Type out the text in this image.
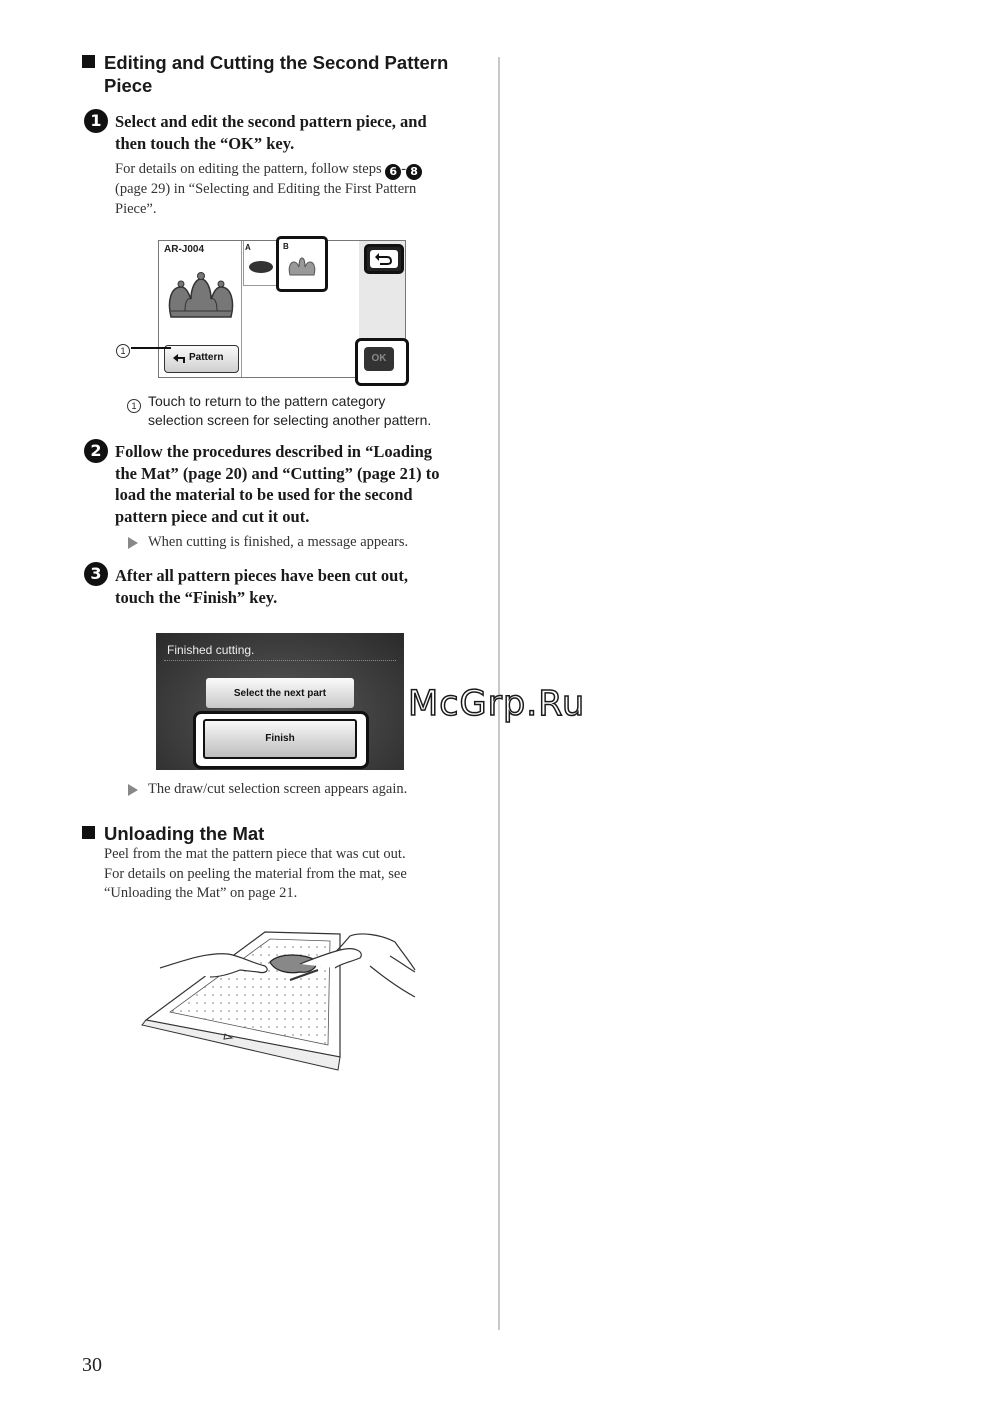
Editing and Cutting the Second Pattern
Piece
1 Select and edit the second pattern piece, and
then touch the “OK” key.
For details on editing the pattern, follow steps 6 - 8
(page 29) in “Selecting and Editing the First Pattern
Piece”.
AR-J004	A	B
Pattern	OK
1
1 Touch to return to the pattern category
selection screen for selecting another pattern.
2 Follow the procedures described in “Loading
the Mat” (page 20) and “Cutting” (page 21) to
load the material to be used for the second
pattern piece and cut it out.
When cutting is finished, a message appears.
3 After all pattern pieces have been cut out,
touch the “Finish” key.
Finished cutting.
Select the next part
Finish
The draw/cut selection screen appears again.
Unloading the Mat
Peel from the mat the pattern piece that was cut out.
For details on peeling the material from the mat, see
“Unloading the Mat” on page 21.
McGrp.Ru
30
